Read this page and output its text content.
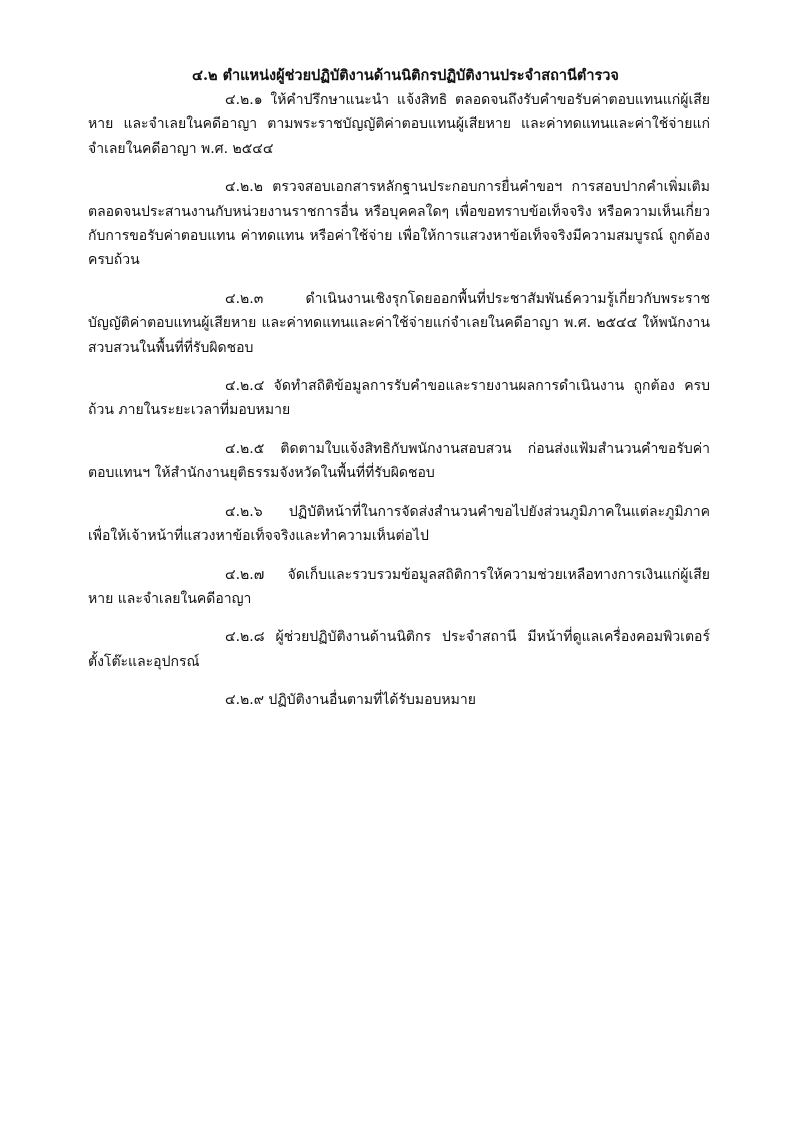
๔.๒ ตำแหน่งผู้ช่วยปฏิบัติงานด้านนิติกรปฏิบัติงานประจำสถานีตำรวจ

๔.๒.๑ ให้คำปรึกษาแนะนำ แจ้งสิทธิ ตลอดจนถึงรับคำขอรับค่าตอบแทนแก่ผู้เสียหาย และจำเลยในคดีอาญา ตามพระราชบัญญัติค่าตอบแทนผู้เสียหาย และค่าทดแทนและค่าใช้จ่ายแก่จำเลยในคดีอาญา พ.ศ. ๒๕๔๔

๔.๒.๒ ตรวจสอบเอกสารหลักฐานประกอบการยื่นคำขอฯ การสอบปากคำเพิ่มเติม ตลอดจนประสานงานกับหน่วยงานราชการอื่น หรือบุคคลใดๆ เพื่อขอทราบข้อเท็จจริง หรือความเห็นเกี่ยวกับการขอรับค่าตอบแทน ค่าทดแทน หรือค่าใช้จ่าย เพื่อให้การแสวงหาข้อเท็จจริงมีความสมบูรณ์ ถูกต้อง ครบถ้วน

๔.๒.๓ ดำเนินงานเชิงรุกโดยออกพื้นที่ประชาสัมพันธ์ความรู้เกี่ยวกับพระราชบัญญัติค่าตอบแทนผู้เสียหาย และค่าทดแทนและค่าใช้จ่ายแก่จำเลยในคดีอาญา พ.ศ. ๒๕๔๔ ให้พนักงานสวบสวนในพื้นที่ที่รับผิดชอบ

๔.๒.๔ จัดทำสถิติข้อมูลการรับคำขอและรายงานผลการดำเนินงาน ถูกต้อง ครบถ้วน ภายในระยะเวลาที่มอบหมาย

๔.๒.๕ ติดตามใบแจ้งสิทธิกับพนักงานสอบสวน ก่อนส่งแฟ้มสำนวนคำขอรับค่าตอบแทนฯ ให้สำนักงานยุติธรรมจังหวัดในพื้นที่ที่รับผิดชอบ

๔.๒.๖ ปฏิบัติหน้าที่ในการจัดส่งสำนวนคำขอไปยังส่วนภูมิภาคในแต่ละภูมิภาค เพื่อให้เจ้าหน้าที่แสวงหาข้อเท็จจริงและทำความเห็นต่อไป

๔.๒.๗ จัดเก็บและรวบรวมข้อมูลสถิติการให้ความช่วยเหลือทางการเงินแก่ผู้เสียหาย และจำเลยในคดีอาญา

๔.๒.๘ ผู้ช่วยปฏิบัติงานด้านนิติกร ประจำสถานี มีหน้าที่ดูแลเครื่องคอมพิวเตอร์ ตั้งโต๊ะและอุปกรณ์

๔.๒.๙ ปฏิบัติงานอื่นตามที่ได้รับมอบหมาย
